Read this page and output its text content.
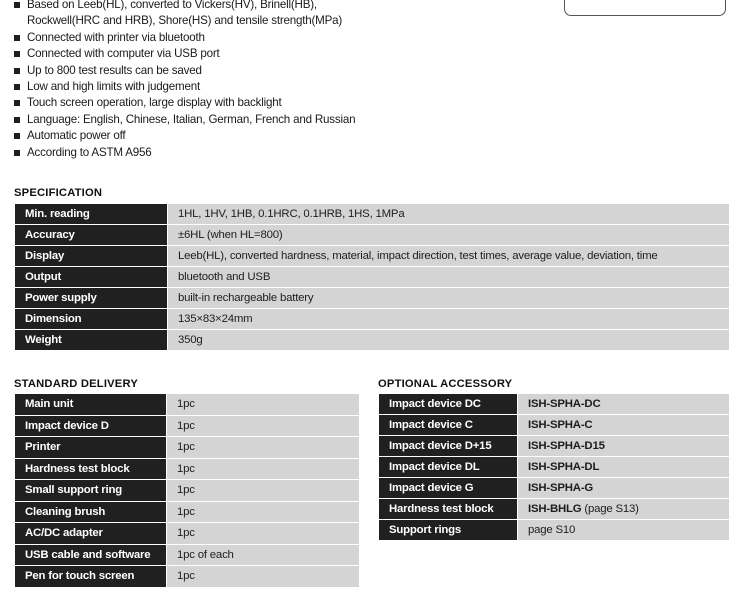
Based on Leeb(HL), converted to Vickers(HV), Brinell(HB),
Rockwell(HRC and HRB), Shore(HS) and tensile strength(MPa)
Connected with printer via bluetooth
Connected with computer via USB port
Up to 800 test results can be saved
Low and high limits with judgement
Touch screen operation, large display with backlight
Language: English, Chinese, Italian, German, French and Russian
Automatic power off
According to ASTM A956
SPECIFICATION
Min. reading	1HL, 1HV, 1HB, 0.1HRC, 0.1HRB, 1HS, 1MPa
Accuracy	±6HL (when HL=800)
Display	Leeb(HL), converted hardness, material, impact direction, test times, average value, deviation, time
Output	bluetooth and USB
Power supply	built-in rechargeable battery
Dimension	135×83×24mm
Weight	350g
STANDARD DELIVERY
Main unit	1pc
Impact device D	1pc
Printer	1pc
Hardness test block	1pc
Small support ring	1pc
Cleaning brush	1pc
AC/DC adapter	1pc
USB cable and software	1pc of each
Pen for touch screen	1pc
OPTIONAL ACCESSORY
Impact device DC	ISH-SPHA-DC
Impact device C	ISH-SPHA-C
Impact device D+15	ISH-SPHA-D15
Impact device DL	ISH-SPHA-DL
Impact device G	ISH-SPHA-G
Hardness test block	ISH-BHLG (page S13)
Support rings	page S10
